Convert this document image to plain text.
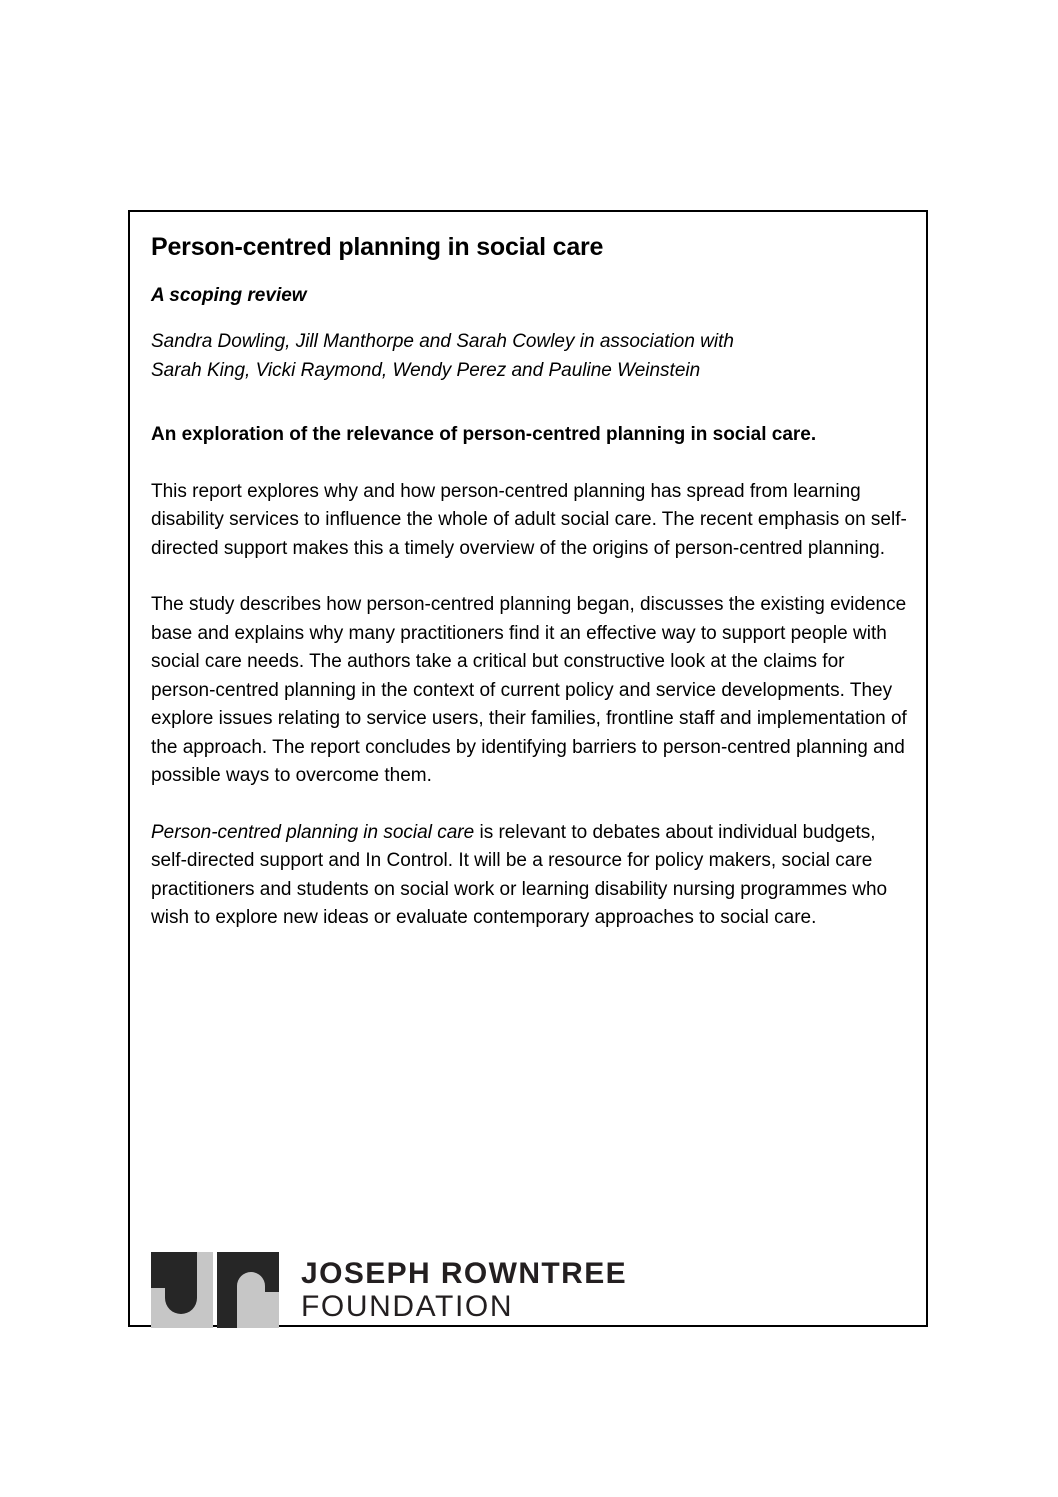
Person-centred planning in social care
A scoping review
Sandra Dowling, Jill Manthorpe and Sarah Cowley in association with
Sarah King, Vicki Raymond, Wendy Perez and Pauline Weinstein
An exploration of the relevance of person-centred planning in social care.

This report explores why and how person-centred planning has spread from learning disability services to influence the whole of adult social care. The recent emphasis on self-directed support makes this a timely overview of the origins of person-centred planning.

The study describes how person-centred planning began, discusses the existing evidence base and explains why many practitioners find it an effective way to support people with social care needs. The authors take a critical but constructive look at the claims for person-centred planning in the context of current policy and service developments. They explore issues relating to service users, their families, frontline staff and implementation of the approach. The report concludes by identifying barriers to person-centred planning and possible ways to overcome them.

Person-centred planning in social care is relevant to debates about individual budgets, self-directed support and In Control. It will be a resource for policy makers, social care practitioners and students on social work or learning disability nursing programmes who wish to explore new ideas or evaluate contemporary approaches to social care.

JOSEPH ROWNTREE
FOUNDATION
